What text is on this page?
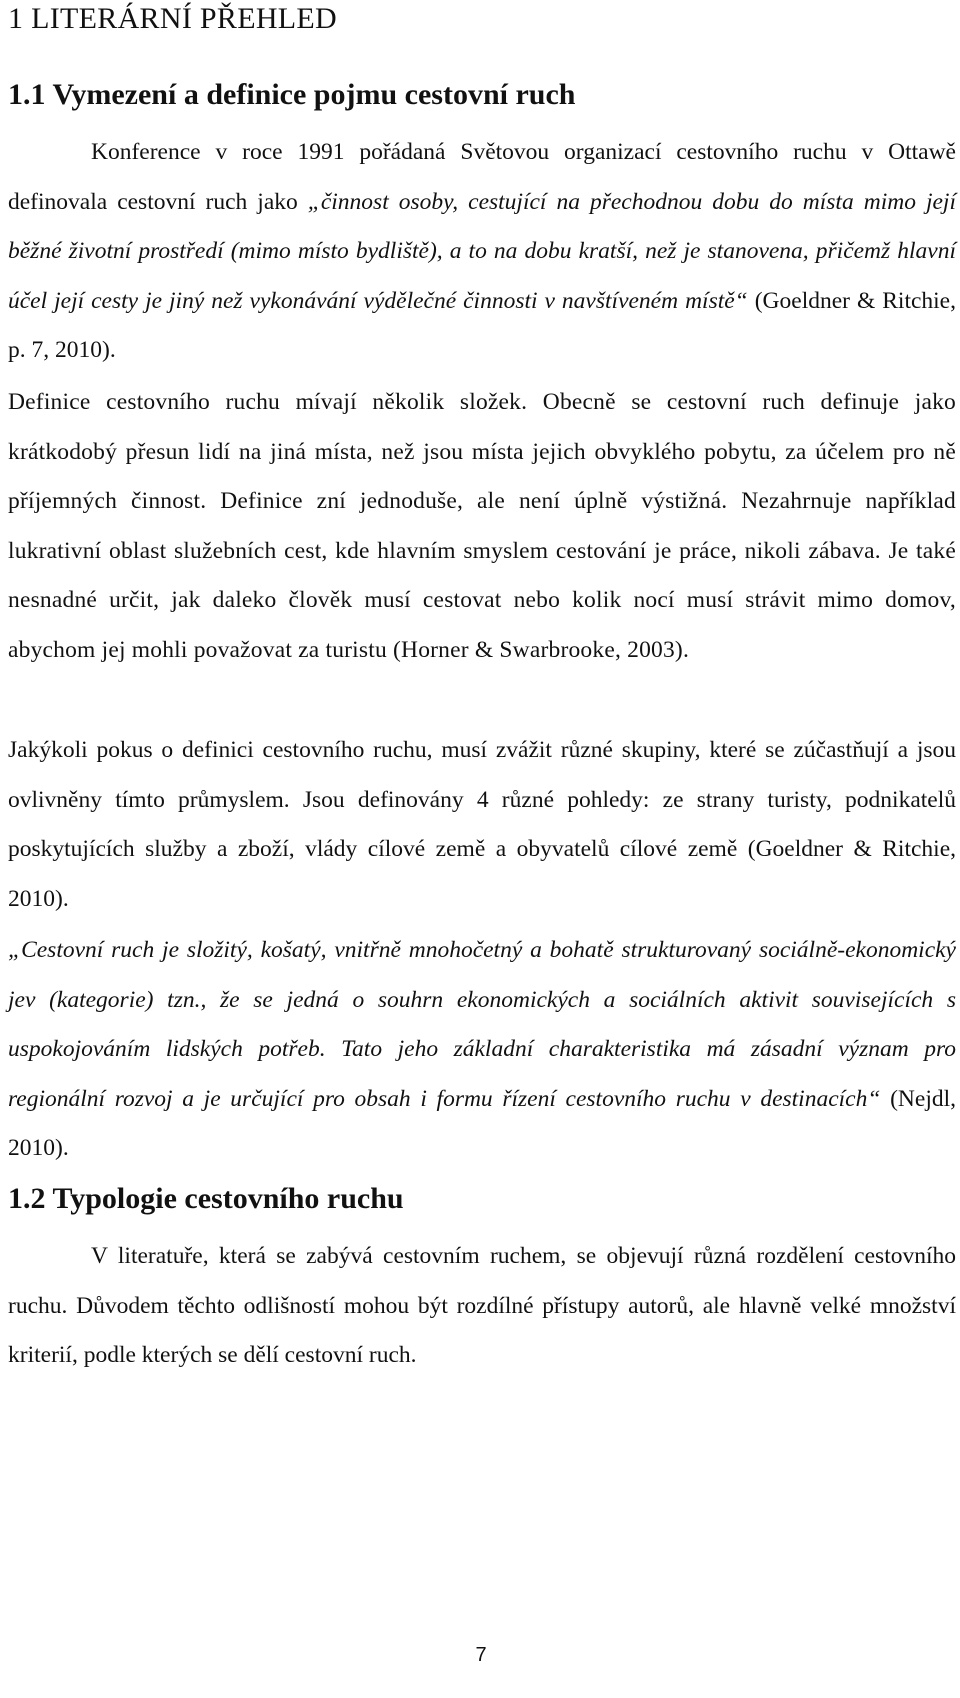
1 LITERÁRNÍ PŘEHLED
1.1 Vymezení a definice pojmu cestovní ruch

Konference v roce 1991 pořádaná Světovou organizací cestovního ruchu v Ottawě definovala cestovní ruch jako „činnost osoby, cestující na přechodnou dobu do místa mimo její běžné životní prostředí (mimo místo bydliště), a to na dobu kratší, než je stanovena, přičemž hlavní účel její cesty je jiný než vykonávání výdělečné činnosti v navštíveném místě“ (Goeldner & Ritchie, p. 7, 2010).

Definice cestovního ruchu mívají několik složek. Obecně se cestovní ruch definuje jako krátkodobý přesun lidí na jiná místa, než jsou místa jejich obvyklého pobytu, za účelem pro ně příjemných činnost. Definice zní jednoduše, ale není úplně výstižná. Nezahrnuje například lukrativní oblast služebních cest, kde hlavním smyslem cestování je práce, nikoli zábava. Je také nesnadné určit, jak daleko člověk musí cestovat nebo kolik nocí musí strávit mimo domov, abychom jej mohli považovat za turistu (Horner & Swarbrooke, 2003).

Jakýkoli pokus o definici cestovního ruchu, musí zvážit různé skupiny, které se zúčastňují a jsou ovlivněny tímto průmyslem. Jsou definovány 4 různé pohledy: ze strany turisty, podnikatelů poskytujících služby a zboží, vlády cílové země a obyvatelů cílové země (Goeldner & Ritchie, 2010).

„Cestovní ruch je složitý, košatý, vnitřně mnohočetný a bohatě strukturovaný sociálně-ekonomický jev (kategorie) tzn., že se jedná o souhrn ekonomických a sociálních aktivit souvisejících s uspokojováním lidských potřeb. Tato jeho základní charakteristika má zásadní význam pro regionální rozvoj a je určující pro obsah i formu řízení cestovního ruchu v destinacích“ (Nejdl, 2010).

1.2 Typologie cestovního ruchu

V literatuře, která se zabývá cestovním ruchem, se objevují různá rozdělení cestovního ruchu. Důvodem těchto odlišností mohou být rozdílné přístupy autorů, ale hlavně velké množství kriterií, podle kterých se dělí cestovní ruch.

7
